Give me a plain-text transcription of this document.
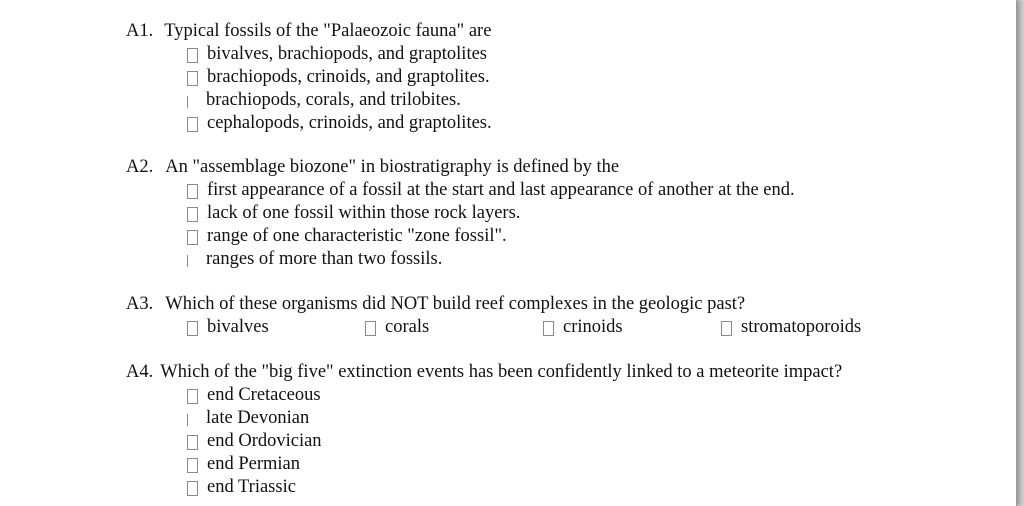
A1. Typical fossils of the "Palaeozoic fauna" are
bivalves, brachiopods, and graptolites
brachiopods, crinoids, and graptolites.
brachiopods, corals, and trilobites.
cephalopods, crinoids, and graptolites.
A2. An "assemblage biozone" in biostratigraphy is defined by the
first appearance of a fossil at the start and last appearance of another at the end.
lack of one fossil within those rock layers.
range of one characteristic "zone fossil".
ranges of more than two fossils.
A3. Which of these organisms did NOT build reef complexes in the geologic past?
bivalves	corals	crinoids	stromatoporoids
A4. Which of the "big five" extinction events has been confidently linked to a meteorite impact?
end Cretaceous
late Devonian
end Ordovician
end Permian
end Triassic
